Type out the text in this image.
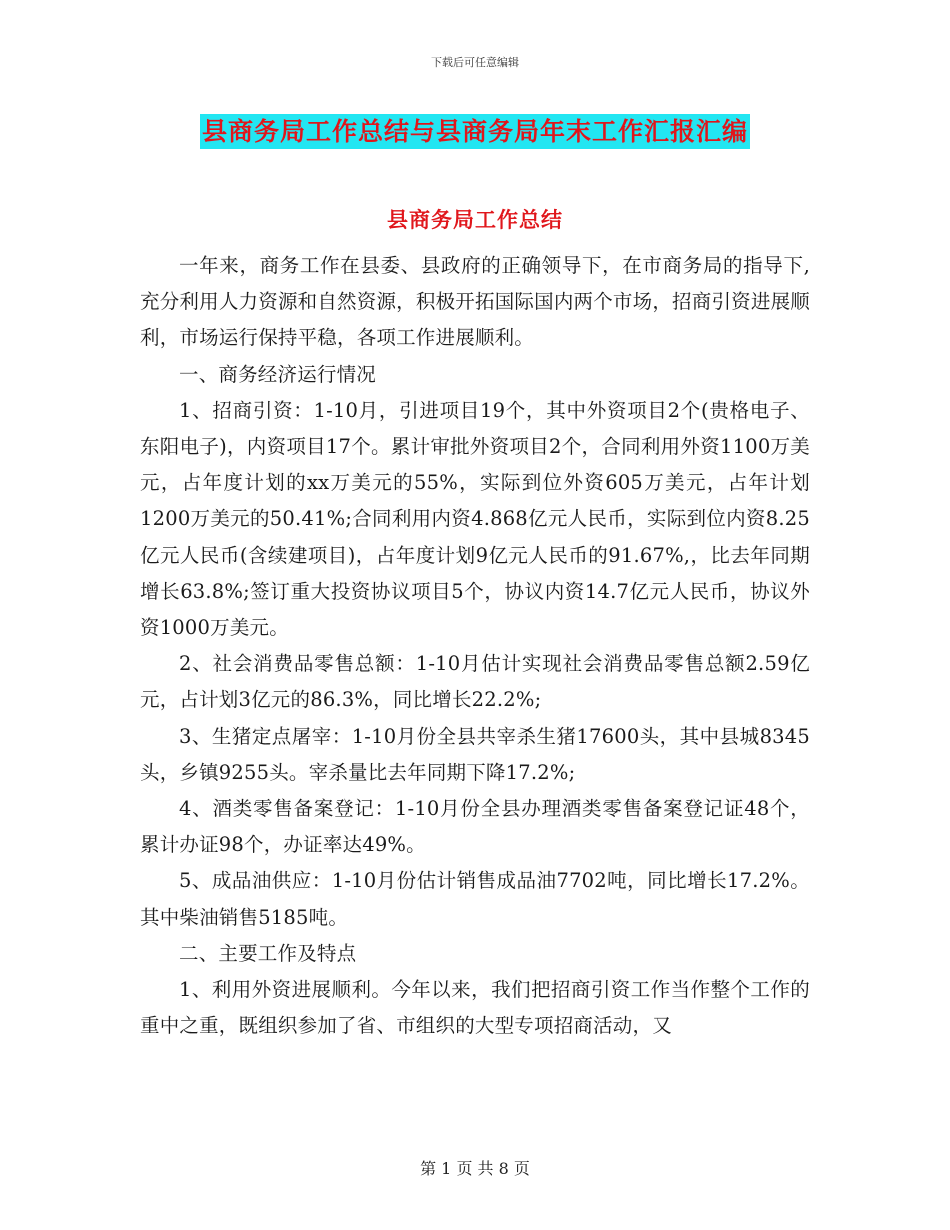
下载后可任意编辑
县商务局工作总结与县商务局年末工作汇报汇编
县商务局工作总结

一年来，商务工作在县委、县政府的正确领导下，在市商务局的指导下,充分利用人力资源和自然资源，积极开拓国际国内两个市场，招商引资进展顺利，市场运行保持平稳，各项工作进展顺利。

一、商务经济运行情况

1、招商引资：1-10月，引进项目19个，其中外资项目2个(贵格电子、东阳电子)，内资项目17个。累计审批外资项目2个，合同利用外资1100万美元，占年度计划的xx万美元的55%，实际到位外资605万美元，占年计划1200万美元的50.41%;合同利用内资4.868亿元人民币，实际到位内资8.25亿元人民币(含续建项目)，占年度计划9亿元人民币的91.67%,，比去年同期增长63.8%;签订重大投资协议项目5个，协议内资14.7亿元人民币，协议外资1000万美元。

2、社会消费品零售总额：1-10月估计实现社会消费品零售总额2.59亿元，占计划3亿元的86.3%，同比增长22.2%;

3、生猪定点屠宰：1-10月份全县共宰杀生猪17600头，其中县城8345头，乡镇9255头。宰杀量比去年同期下降17.2%;

4、酒类零售备案登记：1-10月份全县办理酒类零售备案登记证48个，累计办证98个，办证率达49%。

5、成品油供应：1-10月份估计销售成品油7702吨，同比增长17.2%。其中柴油销售5185吨。

二、主要工作及特点

1、利用外资进展顺利。今年以来，我们把招商引资工作当作整个工作的重中之重，既组织参加了省、市组织的大型专项招商活动，又

第 1 页 共 8 页
